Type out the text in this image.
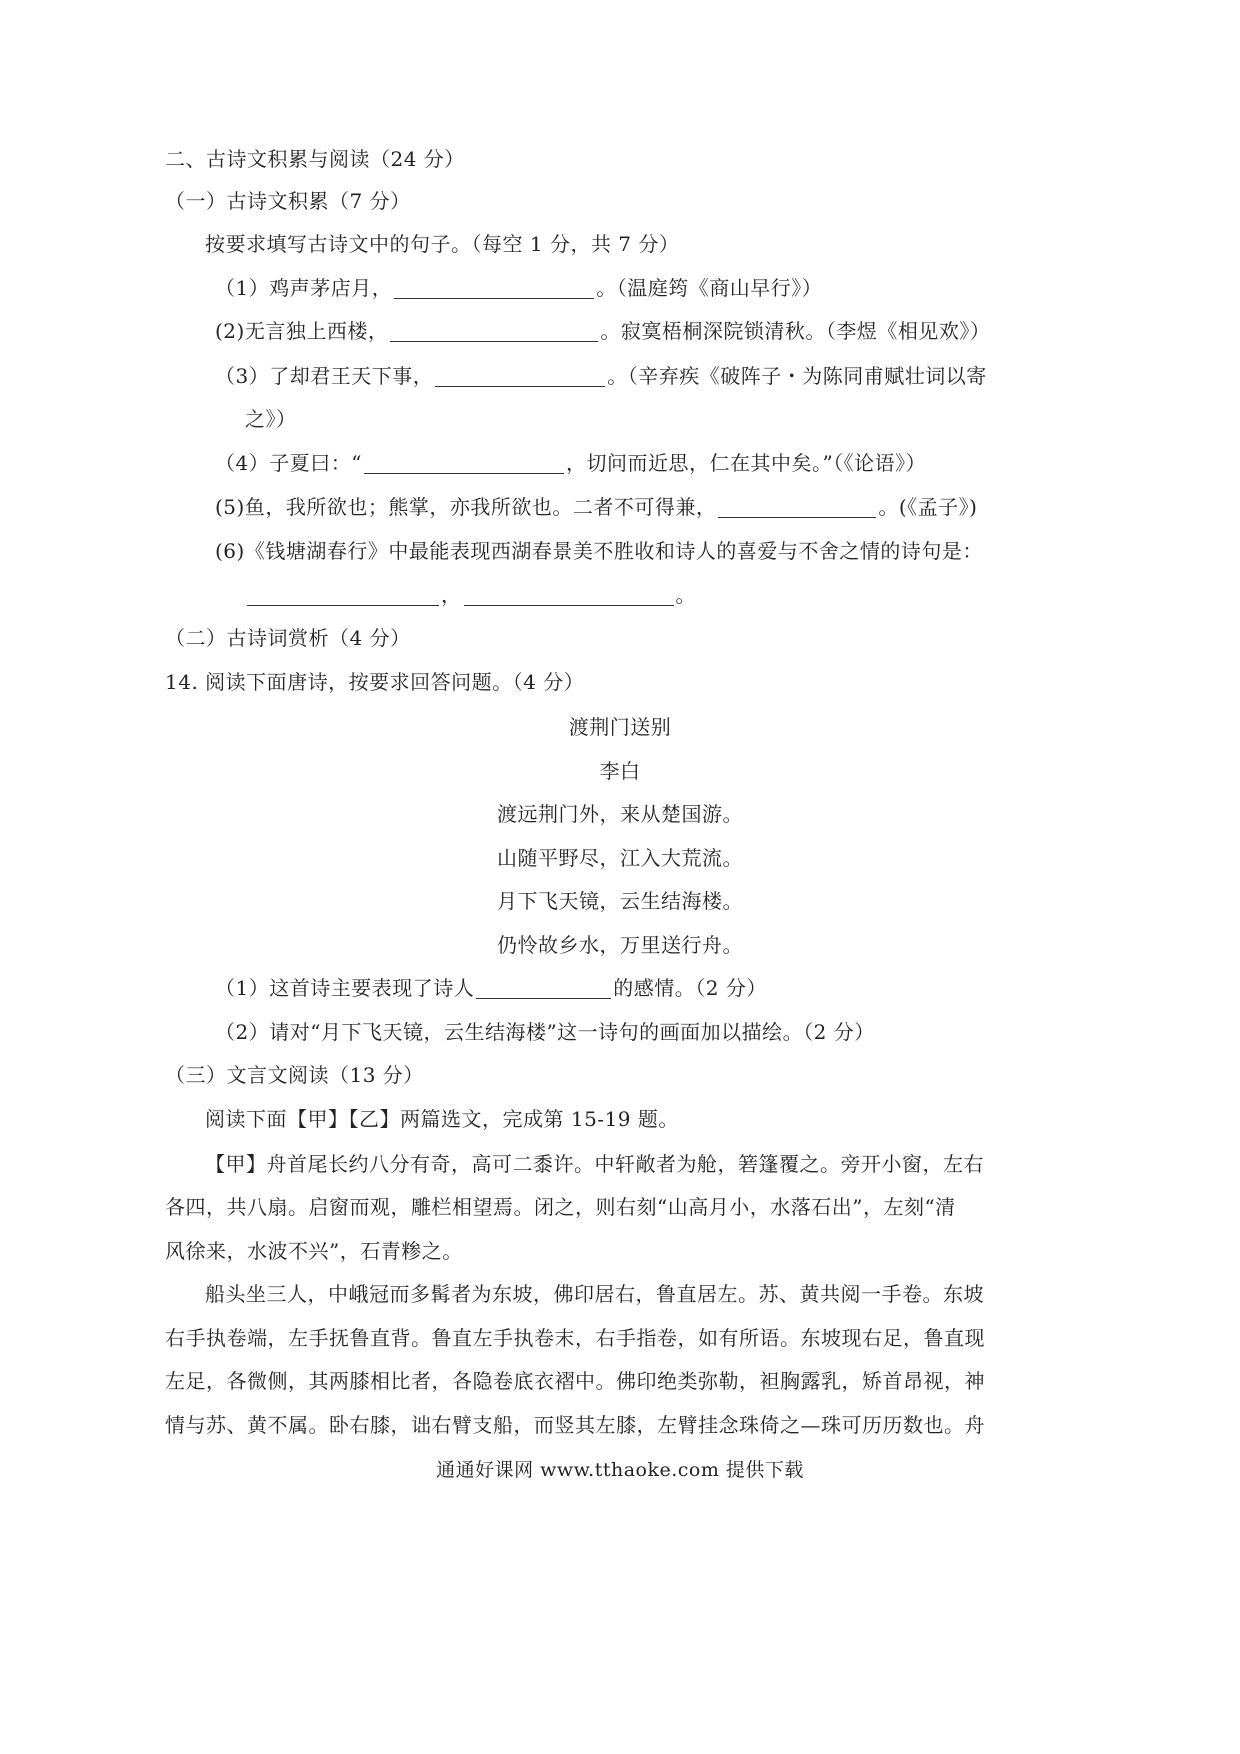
二、古诗文积累与阅读（24 分）
（一）古诗文积累（7 分）
按要求填写古诗文中的句子。（每空 1 分，共 7 分）
（1）鸡声茅店月，	。（温庭筠《商山早行》）
(2)无言独上西楼，	。寂寞梧桐深院锁清秋。（李煜《相见欢》）
（3）了却君王天下事，	。（辛弃疾《破阵子・为陈同甫赋壮词以寄
之》）
（4）子夏曰：“	，切问而近思，仁在其中矣。”（《论语》）
(5)鱼，我所欲也；熊掌，亦我所欲也。二者不可得兼，	。(《孟子》)
(6)《钱塘湖春行》中最能表现西湖春景美不胜收和诗人的喜爱与不舍之情的诗句是：
，	。
（二）古诗词赏析（4 分）
14. 阅读下面唐诗，按要求回答问题。（4 分）
渡荆门送别
李白
渡远荆门外，来从楚国游。
山随平野尽，江入大荒流。
月下飞天镜，云生结海楼。
仍怜故乡水，万里送行舟。
（1）这首诗主要表现了诗人	的感情。（2 分）
（2）请对“月下飞天镜，云生结海楼”这一诗句的画面加以描绘。（2 分）
（三）文言文阅读（13 分）
阅读下面【甲】【乙】两篇选文，完成第 15-19 题。
【甲】舟首尾长约八分有奇，高可二黍许。中轩敞者为舱，箬篷覆之。旁开小窗，左右
各四，共八扇。启窗而观，雕栏相望焉。闭之，则右刻“山高月小，水落石出”，左刻“清
风徐来，水波不兴”，石青糁之。
船头坐三人，中峨冠而多髯者为东坡，佛印居右，鲁直居左。苏、黄共阅一手卷。东坡
右手执卷端，左手抚鲁直背。鲁直左手执卷末，右手指卷，如有所语。东坡现右足，鲁直现
左足，各微侧，其两膝相比者，各隐卷底衣褶中。佛印绝类弥勒，袒胸露乳，矫首昂视，神
情与苏、黄不属。卧右膝，诎右臂支船，而竖其左膝，左臂挂念珠倚之—珠可历历数也。舟
通通好课网 www.tthaoke.com 提供下载
